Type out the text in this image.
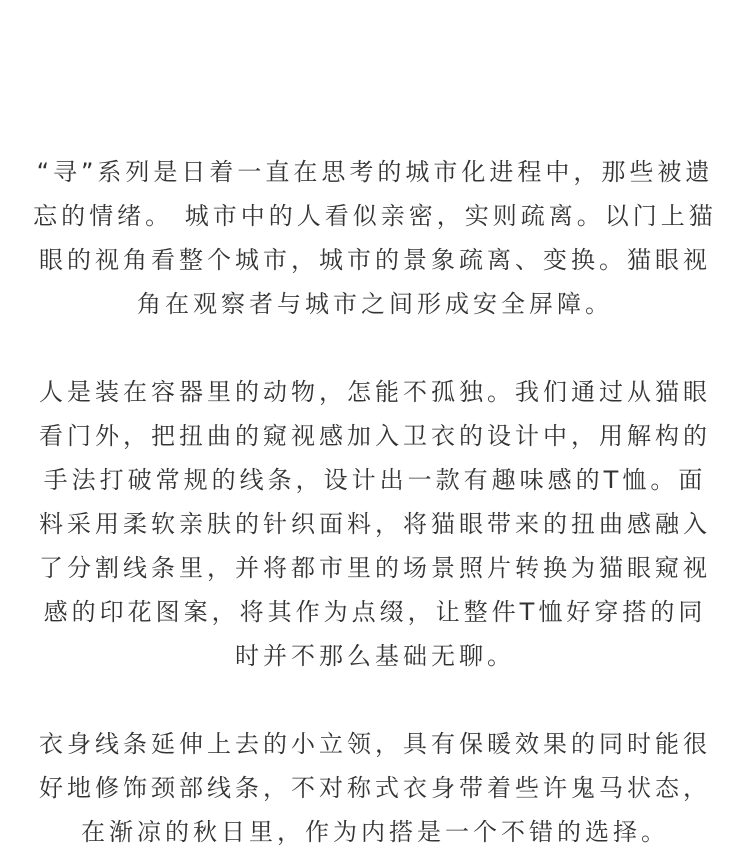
“寻”系列是日着一直在思考的城市化进程中，那些被遗
忘的情绪。 城市中的人看似亲密，实则疏离。以门上猫
眼的视角看整个城市，城市的景象疏离、变换。猫眼视
角在观察者与城市之间形成安全屏障。
人是装在容器里的动物，怎能不孤独。我们通过从猫眼
看门外，把扭曲的窥视感加入卫衣的设计中，用解构的
手法打破常规的线条，设计出一款有趣味感的T恤。面
料采用柔软亲肤的针织面料，将猫眼带来的扭曲感融入
了分割线条里，并将都市里的场景照片转换为猫眼窥视
感的印花图案，将其作为点缀，让整件T恤好穿搭的同
时并不那么基础无聊。
衣身线条延伸上去的小立领，具有保暖效果的同时能很
好地修饰颈部线条，不对称式衣身带着些许鬼马状态，
在渐凉的秋日里，作为内搭是一个不错的选择。
